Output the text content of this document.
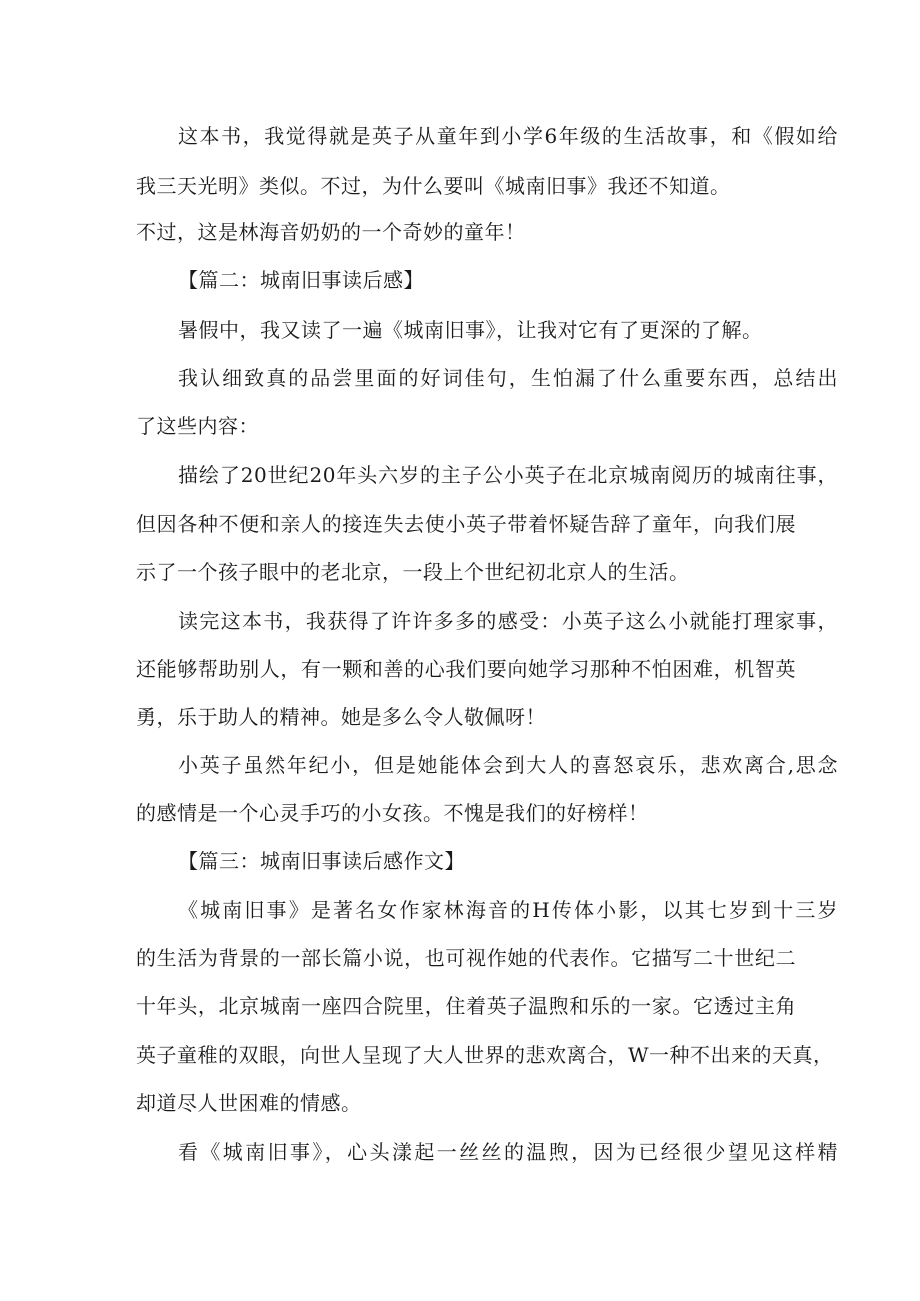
这本书，我觉得就是英子从童年到小学6年级的生活故事，和《假如给
我三天光明》类似。不过，为什么要叫《城南旧事》我还不知道。
不过，这是林海音奶奶的一个奇妙的童年！
【篇二：城南旧事读后感】
暑假中，我又读了一遍《城南旧事》，让我对它有了更深的了解。
我认细致真的品尝里面的好词佳句，生怕漏了什么重要东西，总结出
了这些内容：
描绘了20世纪20年头六岁的主子公小英子在北京城南阅历的城南往事，
但因各种不便和亲人的接连失去使小英子带着怀疑告辞了童年，向我们展
示了一个孩子眼中的老北京，一段上个世纪初北京人的生活。
读完这本书，我获得了许许多多的感受：小英子这么小就能打理家事，
还能够帮助别人，有一颗和善的心我们要向她学习那种不怕困难，机智英
勇，乐于助人的精神。她是多么令人敬佩呀！
小英子虽然年纪小，但是她能体会到大人的喜怒哀乐，悲欢离合,思念
的感情是一个心灵手巧的小女孩。不愧是我们的好榜样！
【篇三：城南旧事读后感作文】
《城南旧事》是著名女作家林海音的H传体小影，以其七岁到十三岁
的生活为背景的一部长篇小说，也可视作她的代表作。它描写二十世纪二
十年头，北京城南一座四合院里，住着英子温煦和乐的一家。它透过主角
英子童稚的双眼，向世人呈现了大人世界的悲欢离合，W一种不出来的天真，
却道尽人世困难的情感。
看《城南旧事》，心头漾起一丝丝的温煦，因为已经很少望见这样精
